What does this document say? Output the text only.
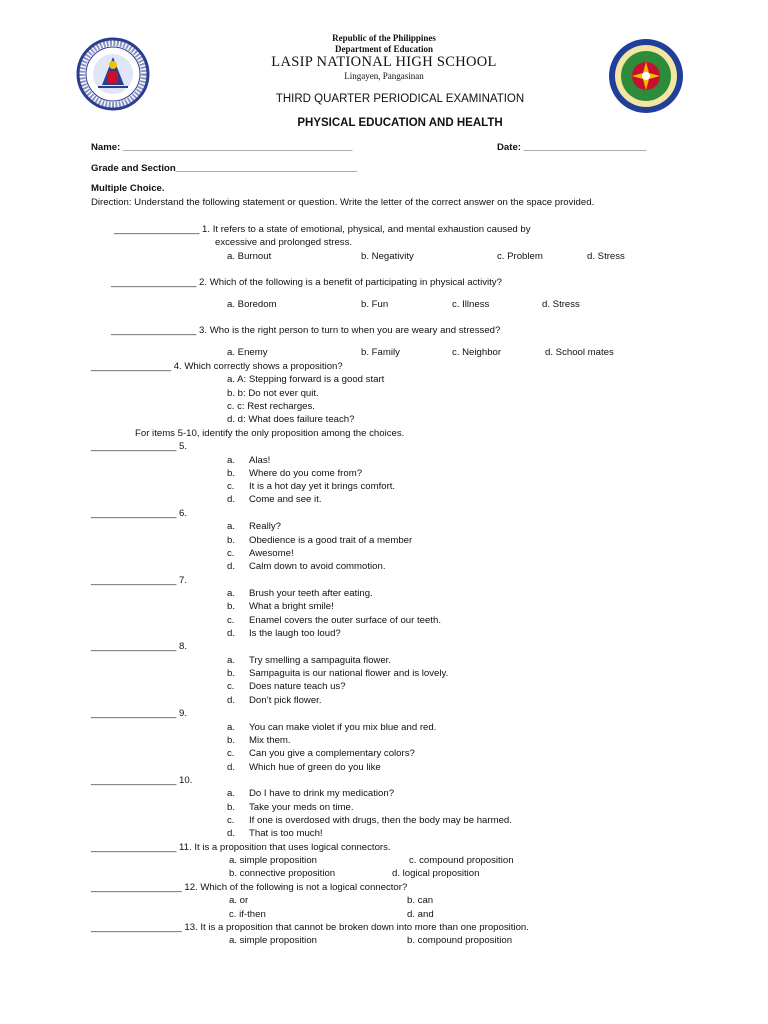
Republic of the Philippines
Department of Education
LASIP NATIONAL HIGH SCHOOL
Lingayen, Pangasinan
THIRD QUARTER PERIODICAL EXAMINATION
PHYSICAL EDUCATION AND HEALTH
Name: ___________________________________________	Date: _______________________
Grade and Section__________________________________
Multiple Choice.
Direction: Understand the following statement or question. Write the letter of the correct answer on the space provided.
________________ 1. It refers to a state of emotional, physical, and mental exhaustion caused by
excessive and prolonged stress.
a. Burnout	b. Negativity	c. Problem	d. Stress
________________ 2. Which of the following is a benefit of participating in physical activity?
a. Boredom	b. Fun	c. Illness	d. Stress
________________ 3. Who is the right person to turn to when you are weary and stressed?
a. Enemy	b. Family	c. Neighbor	d. School mates
_______________ 4. Which correctly shows a proposition?
a. A: Stepping forward is a good start
b. b: Do not ever quit.
c. c: Rest recharges.
d. d: What does failure teach?
For items 5-10, identify the only proposition among the choices.
________________ 5.
a. Alas!
b. Where do you come from?
c. It is a hot day yet it brings comfort.
d. Come and see it.
________________ 6.
a. Really?
b. Obedience is a good trait of a member
c. Awesome!
d. Calm down to avoid commotion.
________________ 7.
a. Brush your teeth after eating.
b. What a bright smile!
c. Enamel covers the outer surface of our teeth.
d. Is the laugh too loud?
________________ 8.
a. Try smelling a sampaguita flower.
b. Sampaguita is our national flower and is lovely.
c. Does nature teach us?
d. Don’t pick flower.
________________ 9.
a. You can make violet if you mix blue and red.
b. Mix them.
c. Can you give a complementary colors?
d. Which hue of green do you like
________________ 10.
a. Do I have to drink my medication?
b. Take your meds on time.
c. If one is overdosed with drugs, then the body may be harmed.
d. That is too much!
________________ 11. It is a proposition that uses logical connectors.
a. simple proposition	c. compound proposition
b. connective proposition	d. logical proposition
_________________ 12. Which of the following is not a logical connector?
a. or	b. can
c. if-then	d. and
_________________ 13. It is a proposition that cannot be broken down into more than one proposition.
a. simple proposition	b. compound proposition
